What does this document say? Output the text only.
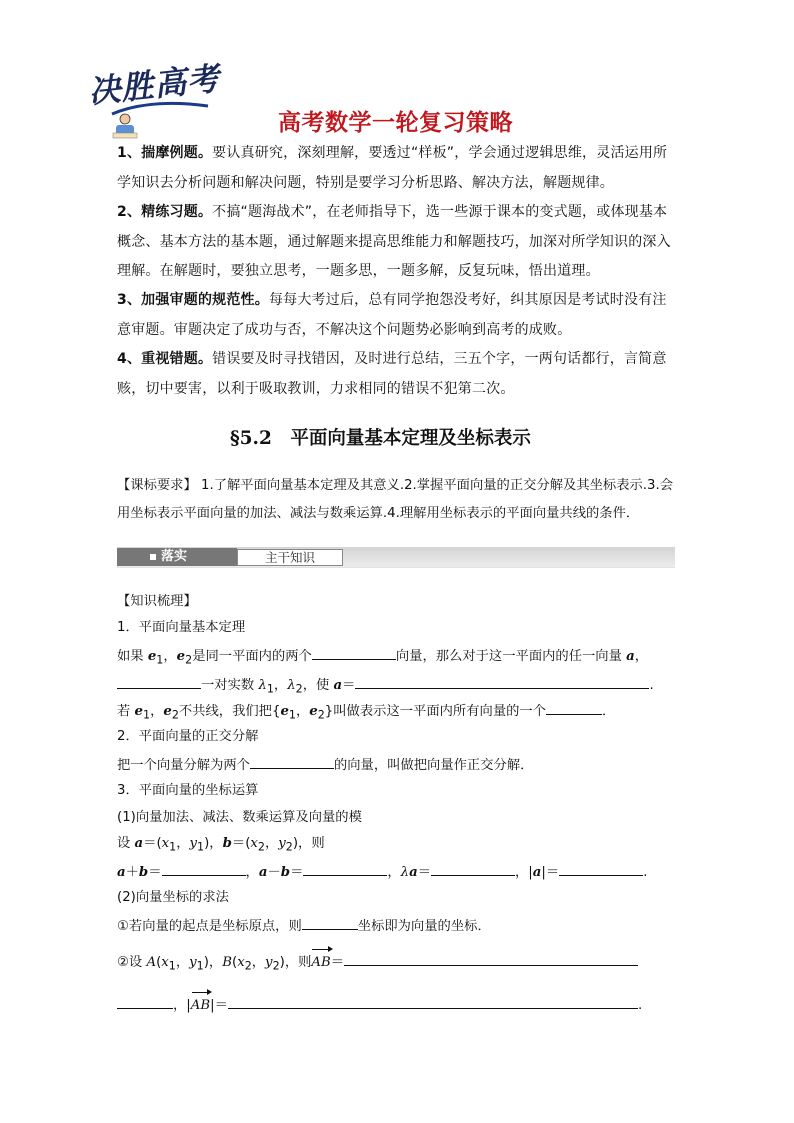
决胜高考
高考数学一轮复习策略
1、揣摩例题。要认真研究，深刻理解，要透过“样板”，学会通过逻辑思维，灵活运用所学知识去分析问题和解决问题，特别是要学习分析思路、解决方法，解题规律。
2、精练习题。不搞“题海战术”，在老师指导下，选一些源于课本的变式题，或体现基本概念、基本方法的基本题，通过解题来提高思维能力和解题技巧，加深对所学知识的深入理解。在解题时，要独立思考，一题多思，一题多解，反复玩味，悟出道理。
3、加强审题的规范性。每每大考过后，总有同学抱怨没考好，纠其原因是考试时没有注意审题。审题决定了成功与否，不解决这个问题势必影响到高考的成败。
4、重视错题。错误要及时寻找错因，及时进行总结，三五个字，一两句话都行，言简意赅，切中要害，以利于吸取教训，力求相同的错误不犯第二次。
§5.2　平面向量基本定理及坐标表示
【课标要求】 1.了解平面向量基本定理及其意义.2.掌握平面向量的正交分解及其坐标表示.3.会用坐标表示平面向量的加法、减法与数乘运算.4.理解用坐标表示的平面向量共线的条件．
落实	主干知识
【知识梳理】
1．平面向量基本定理
如果 $e_1$，$e_2$是同一平面内的两个	向量，那么对于这一平面内的任一向量 a，
一对实数 $\lambda_1$，$\lambda_2$，使 a＝	.
若 $e_1$，$e_2$不共线，我们把{$e_1$，$e_2$}叫做表示这一平面内所有向量的一个	．
2．平面向量的正交分解
把一个向量分解为两个	的向量，叫做把向量作正交分解．
3．平面向量的坐标运算
(1)向量加法、减法、数乘运算及向量的模
设 $a=(x_1$，$y_1$)，$b=(x_2$，$y_2$)，则
a＋b＝	，a－b＝	，λa＝	，|a|＝	.
(2)向量坐标的求法
①若向量的起点是坐标原点，则	坐标即为向量的坐标．
②设 $A(x_1$，$y_1$)，$B(x_2$，$y_2$)，则AB＝
，|AB|＝	.
